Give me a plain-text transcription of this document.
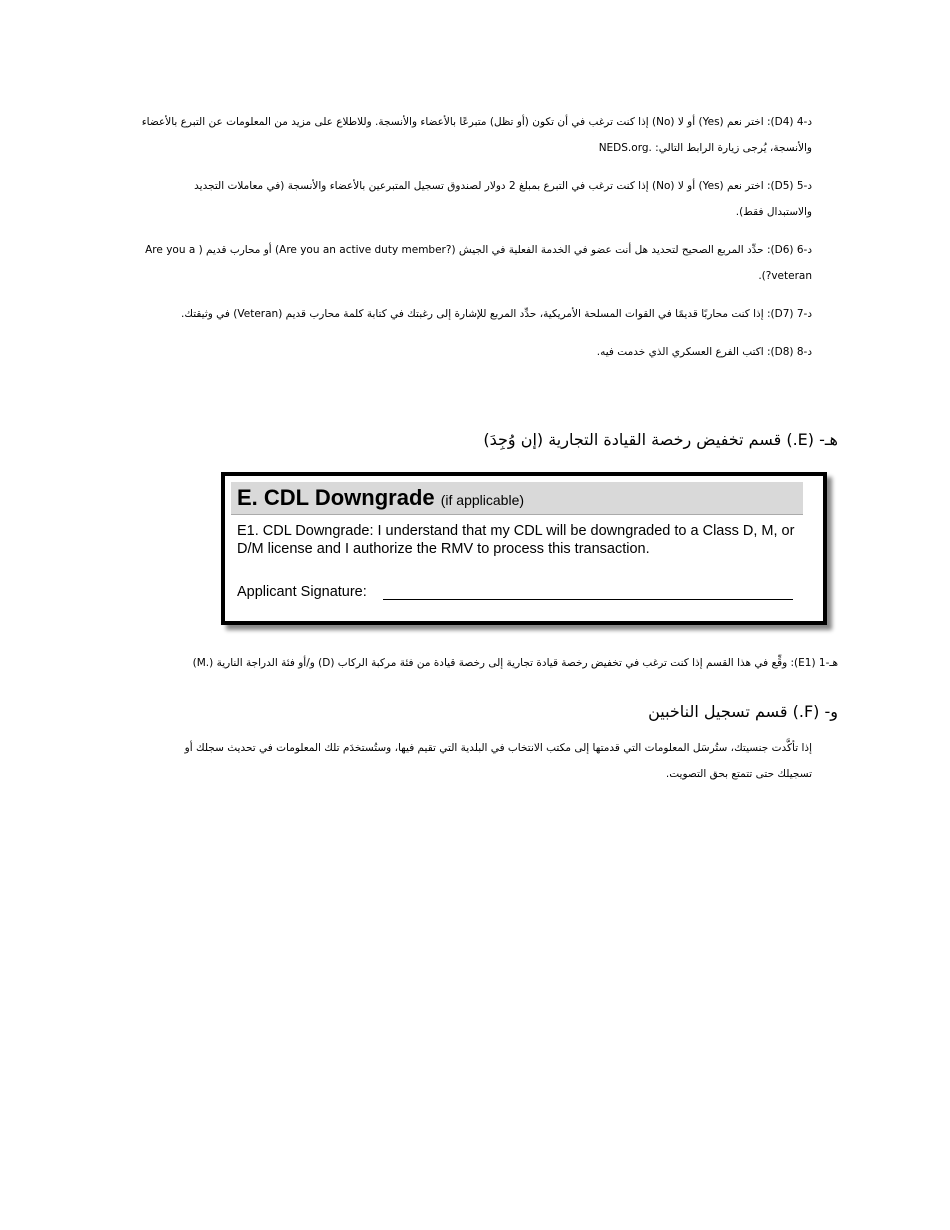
د-4 (D4): اختر نعم (Yes) أو لا (No) إذا كنت ترغب في أن تكون (أو تظل) متبرعًا بالأعضاء والأنسجة. وللاطلاع على مزيد من المعلومات عن التبرع بالأعضاء
والأنسجة، يُرجى زيارة الرابط التالي: .NEDS.org
د-5 (D5): اختر نعم (Yes) أو لا (No) إذا كنت ترغب في التبرع بمبلغ 2 دولار لصندوق تسجيل المتبرعين بالأعضاء والأنسجة (في معاملات التجديد
والاستبدال فقط).
د-6 (D6): حدِّد المربع الصحيح لتحديد هل أنت عضو في الخدمة الفعلية في الجيش (?Are you an active duty member) أو محارب قديم ( Are you a
veteran?).
د-7 (D7): إذا كنت محاربًا قديمًا في القوات المسلحة الأمريكية، حدِّد المربع للإشارة إلى رغبتك في كتابة كلمة محارب قديم (Veteran) في وثيقتك.
د-8 (D8): اكتب الفرع العسكري الذي خدمت فيه.
هـ- (E.) قسم تخفيض رخصة القيادة التجارية (إن وُجِدَ)
E. CDL Downgrade (if applicable)
E1. CDL Downgrade: I understand that my CDL will be downgraded to a Class D, M, or D/M license and I authorize the RMV to process this transaction.
Applicant Signature:
هـ-1 (E1): وقِّع في هذا القسم إذا كنت ترغب في تخفيض رخصة قيادة تجارية إلى رخصة قيادة من فئة مركبة الركاب (D) و/أو فئة الدراجة النارية (.M)
و- (F.) قسم تسجيل الناخبين
إذا تأكَّدت جنسيتك، ستُرسَل المعلومات التي قدمتها إلى مكتب الانتخاب في البلدية التي تقيم فيها، وستُستخدَم تلك المعلومات في تحديث سجلك أو
تسجيلك حتى تتمتع بحق التصويت.
